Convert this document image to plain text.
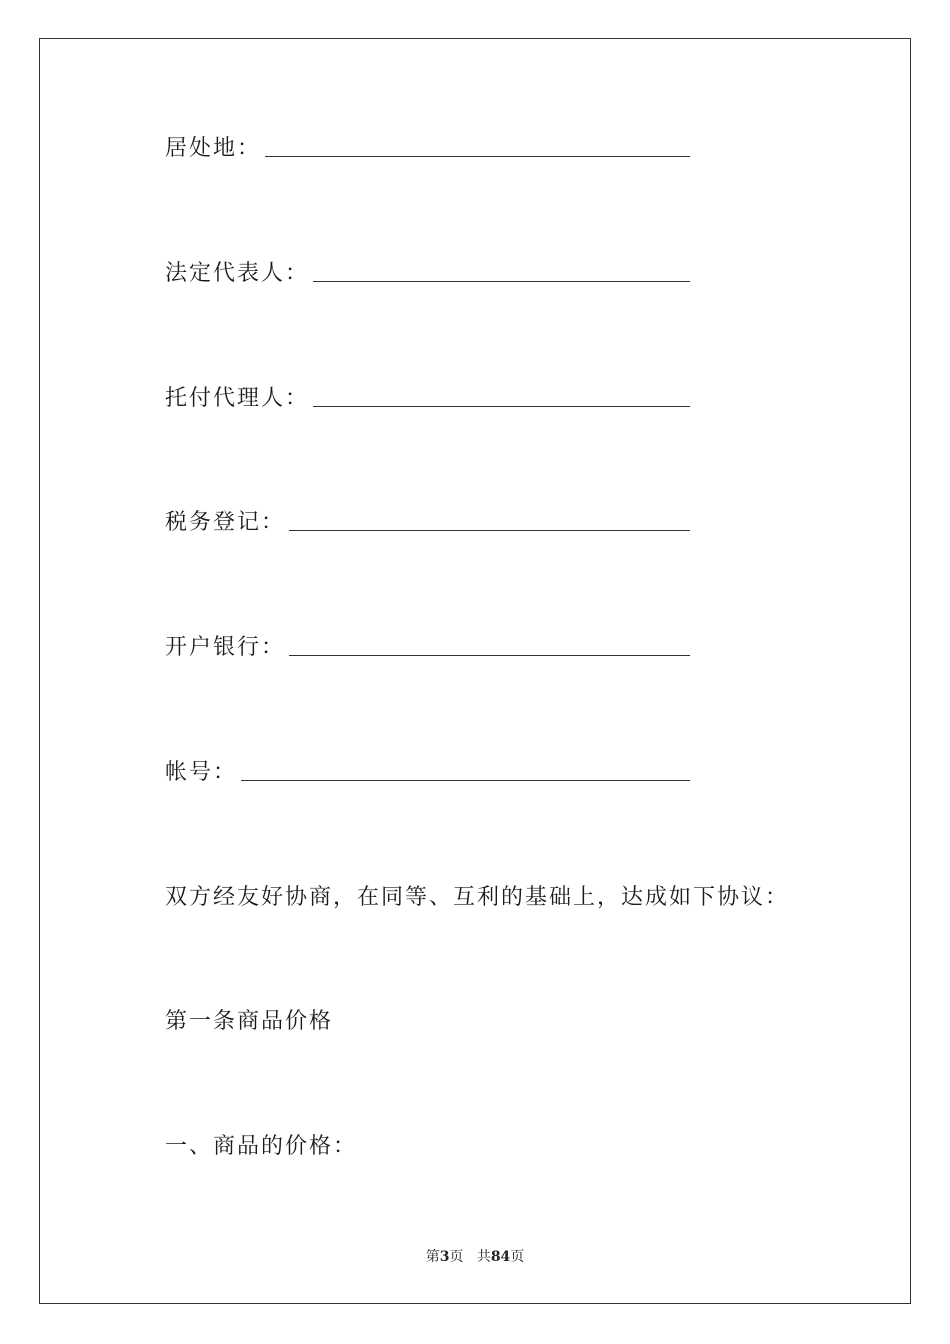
居处地：
法定代表人：
托付代理人：
税务登记：
开户银行：
帐号：
双方经友好协商，在同等、互利的基础上，达成如下协议：
第一条商品价格
一、商品的价格：
第3页 共84页
